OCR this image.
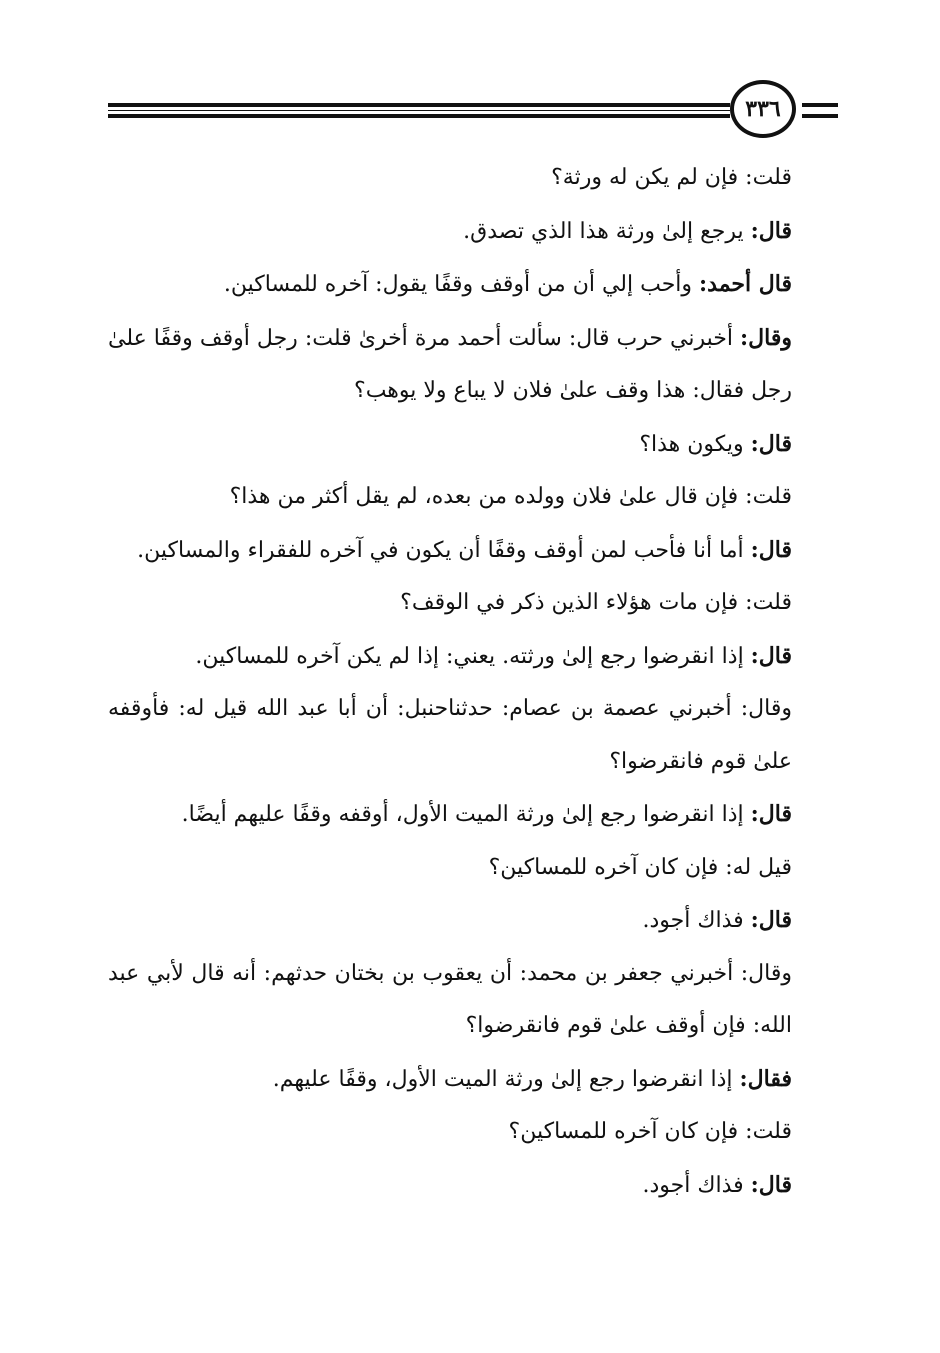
٣٣٦

قلت: فإن لم يكن له ورثة؟

قال: يرجع إلىٰ ورثة هذا الذي تصدق.

قال أحمد: وأحب إلي أن من أوقف وقفًا يقول: آخره للمساكين.

وقال: أخبرني حرب قال: سألت أحمد مرة أخرىٰ قلت: رجل أوقف وقفًا علىٰ رجل فقال: هذا وقف علىٰ فلان لا يباع ولا يوهب؟

قال: ويكون هذا؟

قلت: فإن قال علىٰ فلان وولده من بعده، لم يقل أكثر من هذا؟

قال: أما أنا فأحب لمن أوقف وقفًا أن يكون في آخره للفقراء والمساكين.

قلت: فإن مات هؤلاء الذين ذكر في الوقف؟

قال: إذا انقرضوا رجع إلىٰ ورثته. يعني: إذا لم يكن آخره للمساكين.

وقال: أخبرني عصمة بن عصام: حدثناحنبل: أن أبا عبد الله قيل له: فأوقفه علىٰ قوم فانقرضوا؟

قال: إذا انقرضوا رجع إلىٰ ورثة الميت الأول، أوقفه وقفًا عليهم أيضًا.

قيل له: فإن كان آخره للمساكين؟

قال: فذاك أجود.

وقال: أخبرني جعفر بن محمد: أن يعقوب بن بختان حدثهم: أنه قال لأبي عبد الله: فإن أوقف علىٰ قوم فانقرضوا؟

فقال: إذا انقرضوا رجع إلىٰ ورثة الميت الأول، وقفًا عليهم.

قلت: فإن كان آخره للمساكين؟

قال: فذاك أجود.
